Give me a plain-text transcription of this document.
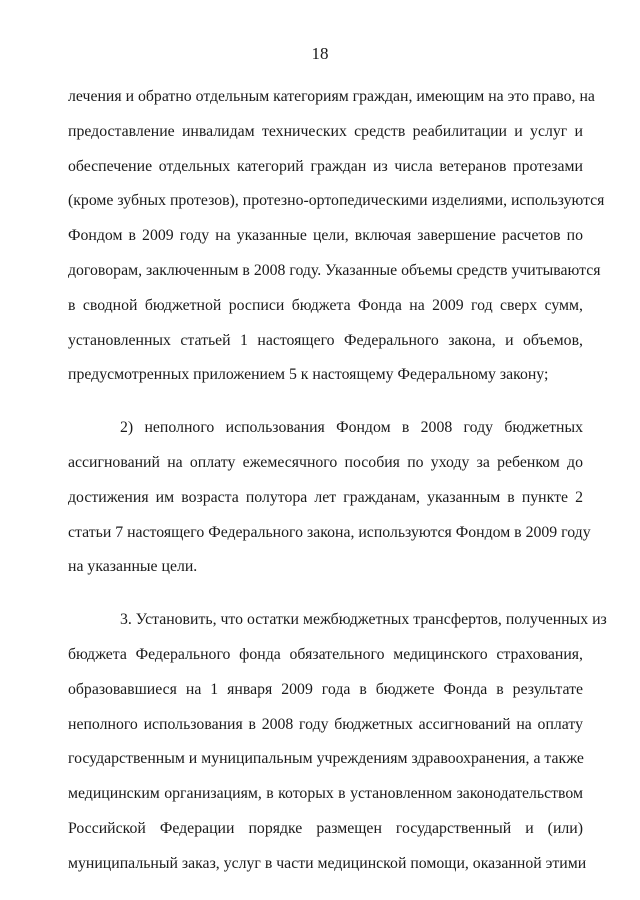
18
лечения и обратно отдельным категориям граждан, имеющим на это право, на
предоставление инвалидам технических средств реабилитации и услуг и
обеспечение отдельных категорий граждан из числа ветеранов протезами
(кроме зубных протезов), протезно-ортопедическими изделиями, используются
Фондом в 2009 году на указанные цели, включая завершение расчетов по
договорам, заключенным в 2008 году. Указанные объемы средств учитываются
в сводной бюджетной росписи бюджета Фонда на 2009 год сверх сумм,
установленных статьей 1 настоящего Федерального закона, и объемов,
предусмотренных приложением 5 к настоящему Федеральному закону;
2) неполного использования Фондом в 2008 году бюджетных
ассигнований на оплату ежемесячного пособия по уходу за ребенком до
достижения им возраста полутора лет гражданам, указанным в пункте 2
статьи 7 настоящего Федерального закона, используются Фондом в 2009 году
на указанные цели.
3. Установить, что остатки межбюджетных трансфертов, полученных из
бюджета Федерального фонда обязательного медицинского страхования,
образовавшиеся на 1 января 2009 года в бюджете Фонда в результате
неполного использования в 2008 году бюджетных ассигнований на оплату
государственным и муниципальным учреждениям здравоохранения, а также
медицинским организациям, в которых в установленном законодательством
Российской Федерации порядке размещен государственный и (или)
муниципальный заказ, услуг в части медицинской помощи, оказанной этими
